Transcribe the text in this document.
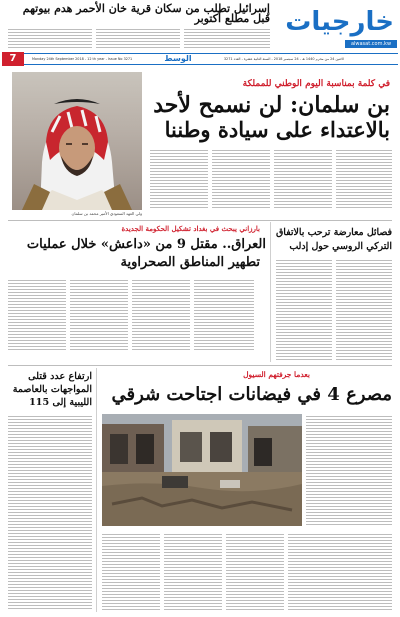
خارجيات
alwasat.com.kw
إسرائيل تطلب من سكان قرية خان الأحمر هدم بيوتهم قبل مطلع أكتوبر
الاثنين 24 من محرم 1440 هـ - 24 سبتمبر 2018 - السنة الثانية عشرة - العدد 3271
الوسط
Monday 24th September 2018 - 12 th year - Issue No 3271
7
ولي العهد السعودي الأمير محمد بن سلمان
في كلمة بمناسبة اليوم الوطني للمملكة
بن سلمان: لن نسمح لأحد
بالاعتداء على سيادة وطننا
بارزاني يبحث في بغداد تشكيل الحكومة الجديدة
العراق.. مقتل 9 من «داعش» خلال عمليات
تطهير المناطق الصحراوية
فصائل معارضة ترحب بالاتفاق
التركي الروسي حول إدلب
ارتفاع عدد قتلى
المواجهات بالعاصمة
الليبية إلى 115
بعدما جرفتهم السيول
مصرع 4 في فيضانات اجتاحت شرقي
